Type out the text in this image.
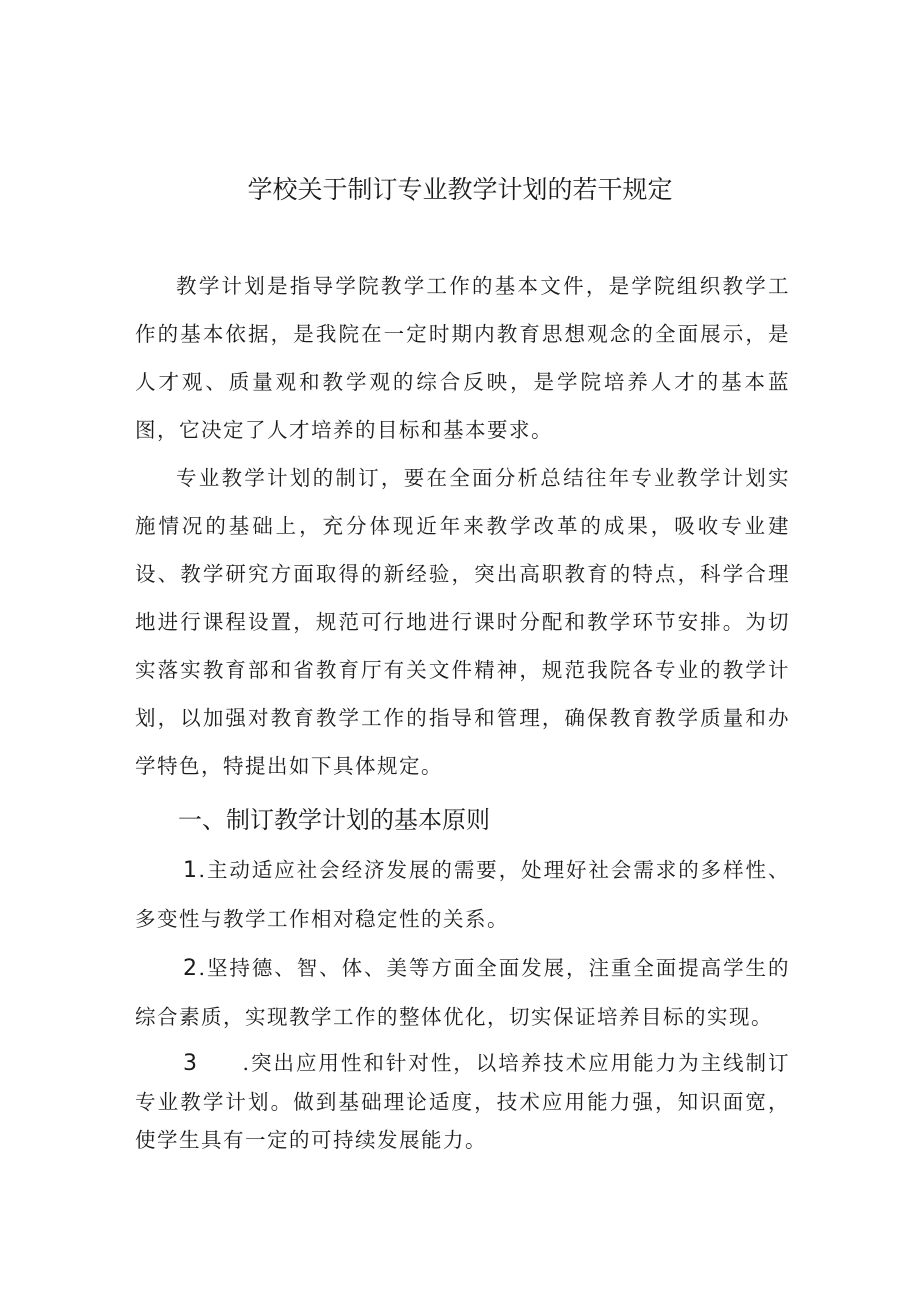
学校关于制订专业教学计划的若干规定

教学计划是指导学院教学工作的基本文件，是学院组织教学工作的基本依据，是我院在一定时期内教育思想观念的全面展示，是人才观、质量观和教学观的综合反映，是学院培养人才的基本蓝图，它决定了人才培养的目标和基本要求。

专业教学计划的制订，要在全面分析总结往年专业教学计划实施情况的基础上，充分体现近年来教学改革的成果，吸收专业建设、教学研究方面取得的新经验，突出高职教育的特点，科学合理地进行课程设置，规范可行地进行课时分配和教学环节安排。为切实落实教育部和省教育厅有关文件精神，规范我院各专业的教学计划，以加强对教育教学工作的指导和管理，确保教育教学质量和办学特色，特提出如下具体规定。

一、制订教学计划的基本原则

1.主动适应社会经济发展的需要，处理好社会需求的多样性、多变性与教学工作相对稳定性的关系。

2.坚持德、智、体、美等方面全面发展，注重全面提高学生的综合素质，实现教学工作的整体优化，切实保证培养目标的实现。

3 .突出应用性和针对性，以培养技术应用能力为主线制订专业教学计划。做到基础理论适度，技术应用能力强，知识面宽，使学生具有一定的可持续发展能力。
